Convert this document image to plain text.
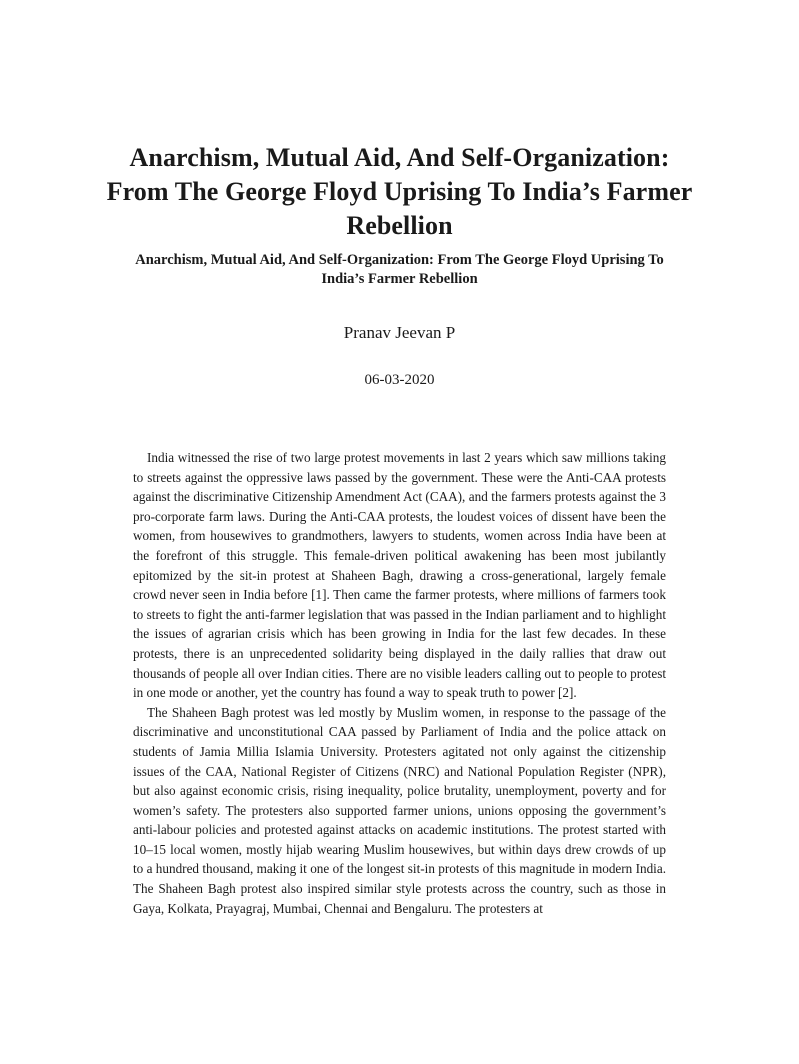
Anarchism, Mutual Aid, And Self-Organization: From The George Floyd Uprising To India’s Farmer Rebellion
Anarchism, Mutual Aid, And Self-Organization: From The George Floyd Uprising To India’s Farmer Rebellion
Pranav Jeevan P
06-03-2020

India witnessed the rise of two large protest movements in last 2 years which saw millions taking to streets against the oppressive laws passed by the government. These were the Anti-CAA protests against the discriminative Citizenship Amendment Act (CAA), and the farmers protests against the 3 pro-corporate farm laws. During the Anti-CAA protests, the loudest voices of dissent have been the women, from housewives to grandmothers, lawyers to students, women across India have been at the forefront of this struggle. This female-driven political awakening has been most jubilantly epitomized by the sit-in protest at Shaheen Bagh, drawing a cross-generational, largely female crowd never seen in India before [1]. Then came the farmer protests, where millions of farmers took to streets to fight the anti-farmer legislation that was passed in the Indian parliament and to highlight the issues of agrarian crisis which has been growing in India for the last few decades. In these protests, there is an unprecedented solidarity being displayed in the daily rallies that draw out thousands of people all over Indian cities. There are no visible leaders calling out to people to protest in one mode or another, yet the country has found a way to speak truth to power [2].

The Shaheen Bagh protest was led mostly by Muslim women, in response to the passage of the discriminative and unconstitutional CAA passed by Parliament of India and the police attack on students of Jamia Millia Islamia University. Protesters agitated not only against the citizenship issues of the CAA, National Register of Citizens (NRC) and National Population Register (NPR), but also against economic crisis, rising inequality, police brutality, unemployment, poverty and for women’s safety. The protesters also supported farmer unions, unions opposing the government’s anti-labour policies and protested against attacks on academic institutions. The protest started with 10–15 local women, mostly hijab wearing Muslim housewives, but within days drew crowds of up to a hundred thousand, making it one of the longest sit-in protests of this magnitude in modern India. The Shaheen Bagh protest also inspired similar style protests across the country, such as those in Gaya, Kolkata, Prayagraj, Mumbai, Chennai and Bengaluru. The protesters at
